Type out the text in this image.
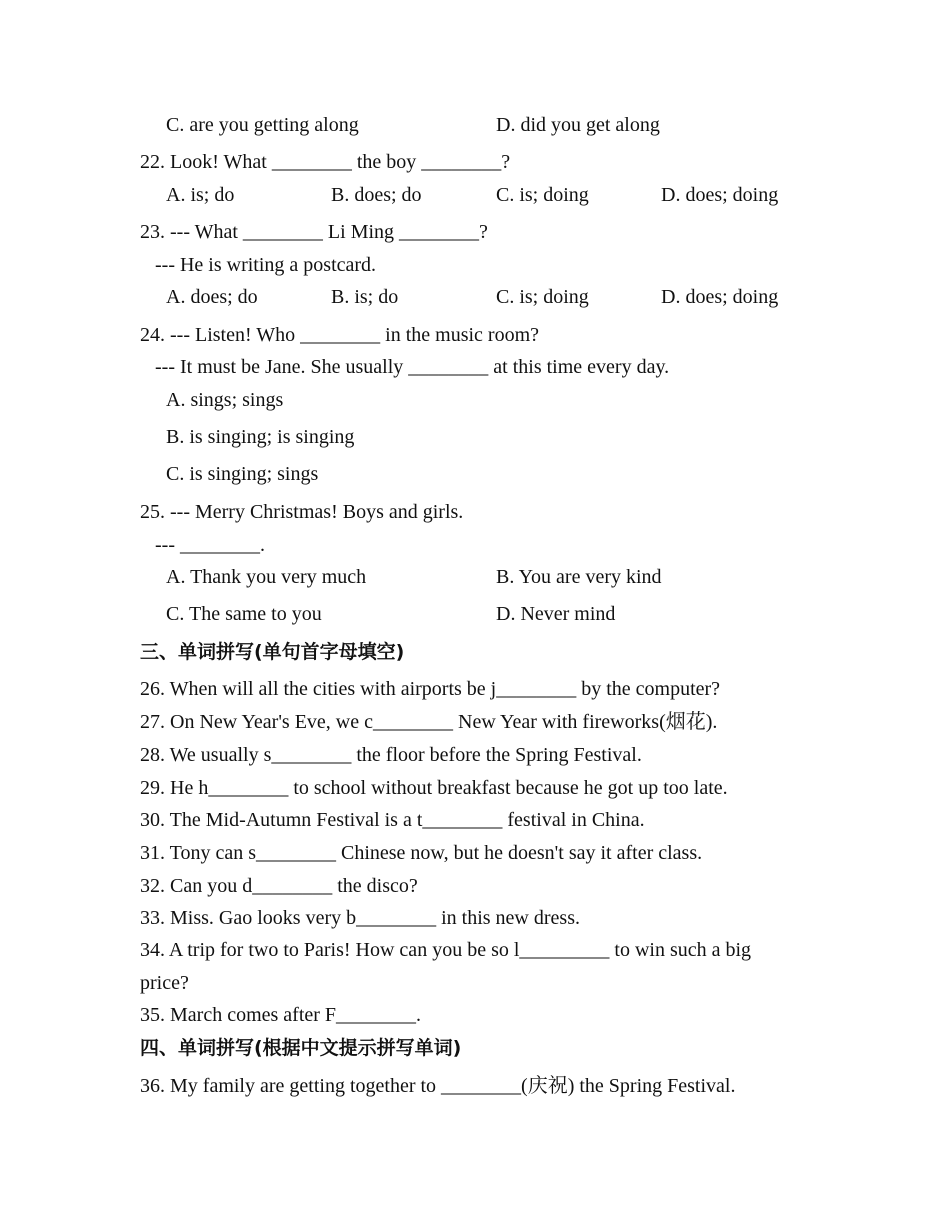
C. are you getting along	D. did you get along
22. Look! What ________ the boy ________?
A. is; do	B. does; do	C. is; doing	D. does; doing
23. --- What ________ Li Ming ________?
--- He is writing a postcard.
A. does; do	B. is; do	C. is; doing	D. does; doing
24. --- Listen! Who ________ in the music room?
--- It must be Jane. She usually ________ at this time every day.
A. sings; sings
B. is singing; is singing
C. is singing; sings
25. --- Merry Christmas! Boys and girls.
--- ________.
A. Thank you very much	B. You are very kind
C. The same to you	D. Never mind
三、单词拼写(单句首字母填空)
26. When will all the cities with airports be j________ by the computer?
27. On New Year's Eve, we c________ New Year with fireworks(烟花).
28. We usually s________ the floor before the Spring Festival.
29. He h________ to school without breakfast because he got up too late.
30. The Mid-Autumn Festival is a t________ festival in China.
31. Tony can s________ Chinese now, but he doesn't say it after class.
32. Can you d________ the disco?
33. Miss. Gao looks very b________ in this new dress.
34. A trip for two to Paris! How can you be so l_________ to win such a big
price?
35. March comes after F________.
四、单词拼写(根据中文提示拼写单词)
36. My family are getting together to ________(庆祝) the Spring Festival.
